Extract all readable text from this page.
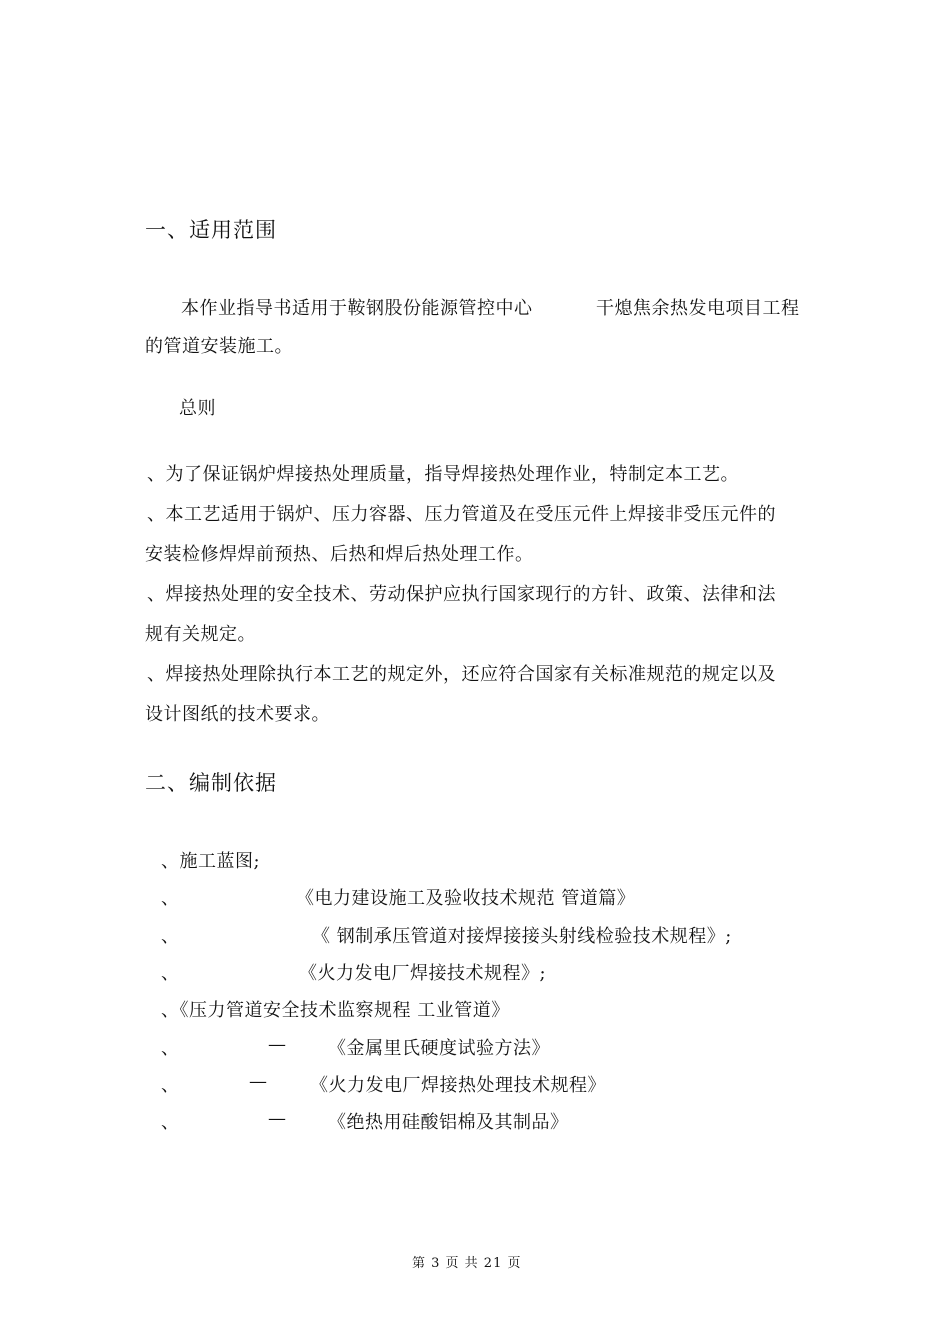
一、适用范围
本作业指导书适用于鞍钢股份能源管控中心	干熄焦余热发电项目工程
的管道安装施工。
总则
、为了保证锅炉焊接热处理质量，指导焊接热处理作业，特制定本工艺。
、本工艺适用于锅炉、压力容器、压力管道及在受压元件上焊接非受压元件的
安装检修焊焊前预热、后热和焊后热处理工作。
、焊接热处理的安全技术、劳动保护应执行国家现行的方针、政策、法律和法
规有关规定。
、焊接热处理除执行本工艺的规定外，还应符合国家有关标准规范的规定以及
设计图纸的技术要求。
二、编制依据
、施工蓝图;
、	《电力建设施工及验收技术规范 管道篇》
、	《 钢制承压管道对接焊接接头射线检验技术规程》;
、	《火力发电厂焊接技术规程》;
、《压力管道安全技术监察规程 工业管道》
、	— 《金属里氏硬度试验方法》
、	— 《火力发电厂焊接热处理技术规程》
、	— 《绝热用硅酸铝棉及其制品》
第 3 页 共 21 页
